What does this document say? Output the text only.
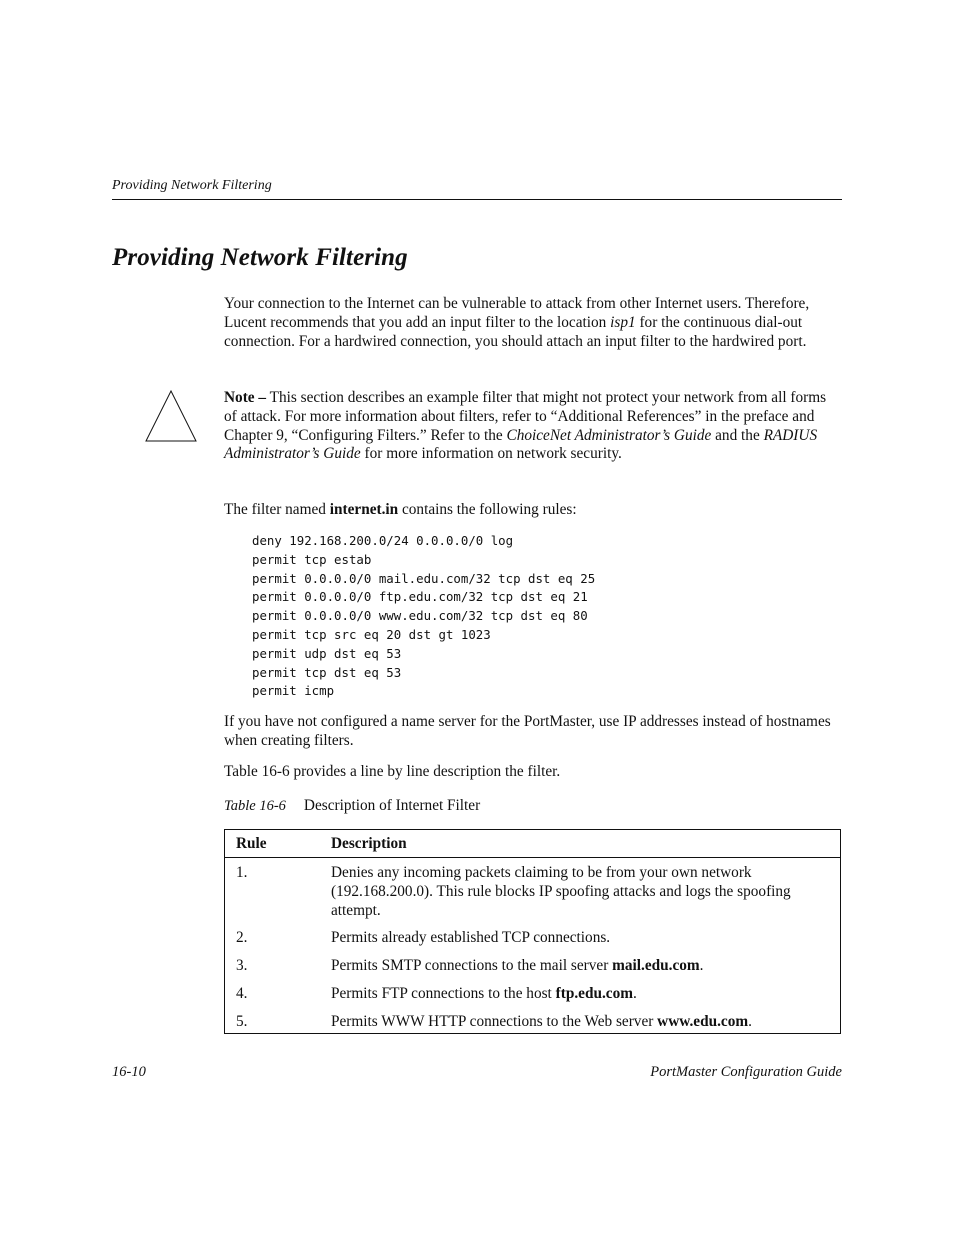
Providing Network Filtering
Providing Network Filtering

Your connection to the Internet can be vulnerable to attack from other Internet users. Therefore, Lucent recommends that you add an input filter to the location isp1 for the continuous dial-out connection. For a hardwired connection, you should attach an input filter to the hardwired port.

Note – This section describes an example filter that might not protect your network from all forms of attack. For more information about filters, refer to “Additional References” in the preface and Chapter 9, “Configuring Filters.” Refer to the ChoiceNet Administrator’s Guide and the RADIUS Administrator’s Guide for more information on network security.

The filter named internet.in contains the following rules:

deny 192.168.200.0/24 0.0.0.0/0 log
permit tcp estab
permit 0.0.0.0/0 mail.edu.com/32 tcp dst eq 25
permit 0.0.0.0/0 ftp.edu.com/32 tcp dst eq 21
permit 0.0.0.0/0 www.edu.com/32 tcp dst eq 80
permit tcp src eq 20 dst gt 1023
permit udp dst eq 53
permit tcp dst eq 53
permit icmp

If you have not configured a name server for the PortMaster, use IP addresses instead of hostnames when creating filters.

Table 16-6 provides a line by line description the filter.

Table 16-6 Description of Internet Filter
Rule	Description
1.	Denies any incoming packets claiming to be from your own network (192.168.200.0). This rule blocks IP spoofing attacks and logs the spoofing attempt.
2.	Permits already established TCP connections.
3.	Permits SMTP connections to the mail server mail.edu.com.
4.	Permits FTP connections to the host ftp.edu.com.
5.	Permits WWW HTTP connections to the Web server www.edu.com.
16-10	PortMaster Configuration Guide
